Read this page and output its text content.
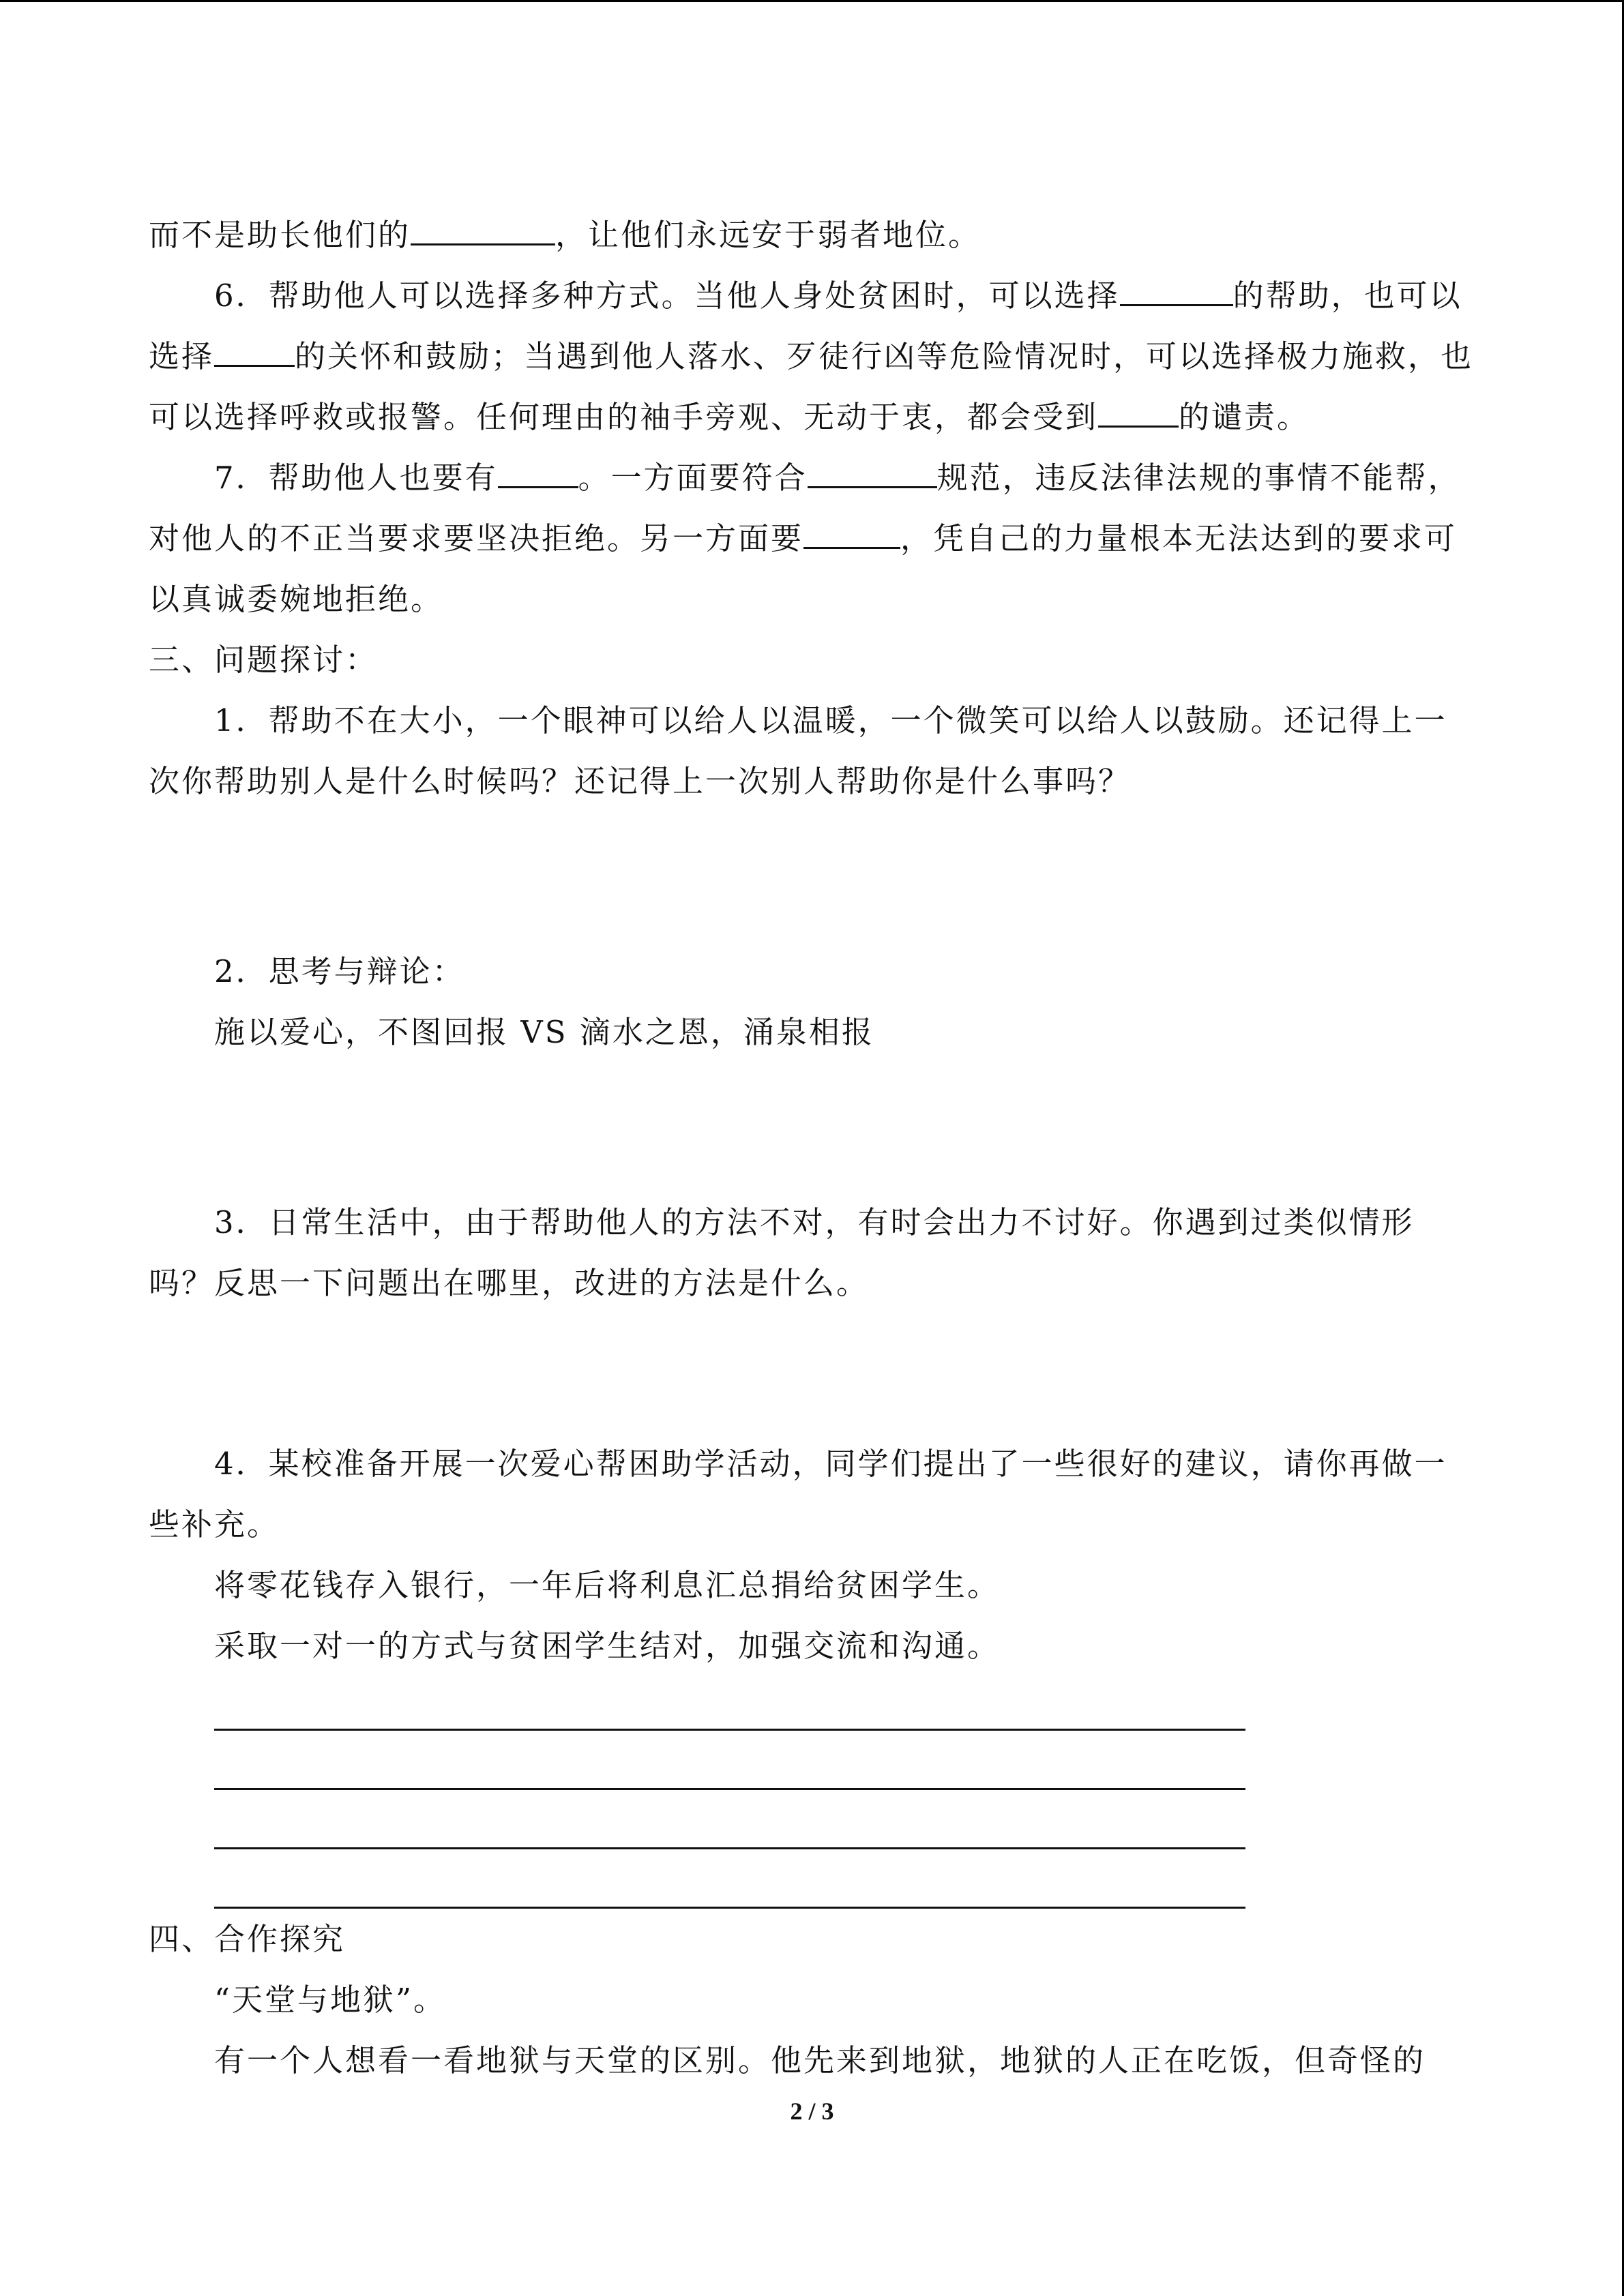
而不是助长他们的	，让他们永远安于弱者地位。

6．帮助他人可以选择多种方式。当他人身处贫困时，可以选择	的帮助，也可以选择	的关怀和鼓励；当遇到他人落水、歹徒行凶等危险情况时，可以选择极力施救，也可以选择呼救或报警。任何理由的袖手旁观、无动于衷，都会受到	的谴责。

7．帮助他人也要有	。一方面要符合	规范，违反法律法规的事情不能帮，对他人的不正当要求要坚决拒绝。另一方面要	，凭自己的力量根本无法达到的要求可以真诚委婉地拒绝。

三、问题探讨：

1．帮助不在大小，一个眼神可以给人以温暖，一个微笑可以给人以鼓励。还记得上一次你帮助别人是什么时候吗？还记得上一次别人帮助你是什么事吗？

2．思考与辩论：

施以爱心，不图回报 VS 滴水之恩，涌泉相报

3．日常生活中，由于帮助他人的方法不对，有时会出力不讨好。你遇到过类似情形吗？反思一下问题出在哪里，改进的方法是什么。

4．某校准备开展一次爱心帮困助学活动，同学们提出了一些很好的建议，请你再做一些补充。

将零花钱存入银行，一年后将利息汇总捐给贫困学生。

采取一对一的方式与贫困学生结对，加强交流和沟通。

四、合作探究

“天堂与地狱”。

有一个人想看一看地狱与天堂的区别。他先来到地狱，地狱的人正在吃饭，但奇怪的

2 / 3
